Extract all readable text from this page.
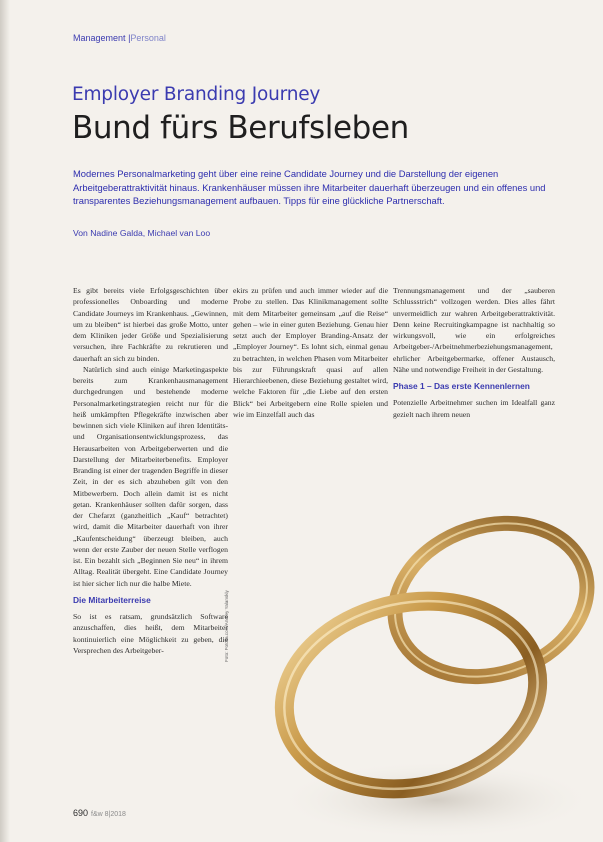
Management |Personal
Employer Branding Journey
Bund fürs Berufsleben
Modernes Personalmarketing geht über eine reine Candidate Journey und die Darstellung der eigenen Arbeitgeberattraktivität hinaus. Krankenhäuser müssen ihre Mitarbeiter dauerhaft überzeugen und ein offenes und transparentes Beziehungsmanagement aufbauen. Tipps für eine glückliche Partnerschaft.
Von Nadine Galda, Michael van Loo

Es gibt bereits viele Erfolgsgeschichten über professionelles Onboarding und moderne Candidate Journeys im Krankenhaus. „Gewinnen, um zu bleiben“ ist hierbei das große Motto, unter dem Kliniken jeder Größe und Spezialisierung versuchen, ihre Fachkräfte zu rekrutieren und dauerhaft an sich zu binden.

Natürlich sind auch einige Marketingaspekte bereits zum Krankenhausmanagement durchgedrungen und bestehende moderne Personalmarketingstrategien reicht nur für die heiß umkämpften Pflegekräfte inzwischen aber bewinnen sich viele Kliniken auf ihren Identitäts- und Organisationsentwicklungsprozess, das Herausarbeiten von Arbeitgeberwerten und die Darstellung der Mitarbeiterbenefits. Employer Branding ist einer der tragenden Begriffe in dieser Zeit, in der es sich abzuheben gilt von den Mitbewerbern. Doch allein damit ist es nicht getan. Krankenhäuser sollten dafür sorgen, dass der Chefarzt (ganzheitlich „Kauf“ betrachtet) wird, damit die Mitarbeiter dauerhaft von ihrer „Kaufentscheidung“ überzeugt bleiben, auch wenn der erste Zauber der neuen Stelle verflogen ist. Ein bezahlt sich „Beginnen Sie neu“ in ihrem Alltag. Realität übergeht. Eine Candidate Journey ist hier sicher lich nur die halbe Miete.

Die Mitarbeiterreise

So ist es ratsam, grundsätzlich Software anzuschaffen, dies heißt, dem Mitarbeiter kontinuierlich eine Möglichkeit zu geben, die Versprechen des Arbeitgeber-

ekirs zu prüfen und auch immer wieder auf die Probe zu stellen. Das Klinikmanagement sollte mit dem Mitarbeiter gemeinsam „auf die Reise“ gehen – wie in einer guten Beziehung. Genau hier setzt auch der Employer Branding-Ansatz der „Employer Journey“. Es lohnt sich, einmal genau zu betrachten, in welchen Phasen vom Mitarbeiter bis zur Führungskraft quasi auf allen Hierarchieebenen, diese Beziehung gestaltet wird, welche Faktoren für „die Liebe auf den ersten Blick“ bei Arbeitgebern eine Rolle spielen und wie im Einzelfall auch das

Trennungsmanagement und der „sauberen Schlussstrich“ vollzogen werden. Dies alles fährt unvermeidlich zur wahren Arbeitgeberattraktivität. Denn keine Recruitingkampagne ist nachhaltig so wirkungsvoll, wie ein erfolgreiches Arbeitgeber-/Arbeitnehmerbeziehungsmanagement, ehrlicher Arbeitgebermarke, offener Austausch, Nähe und notwendige Freiheit in der Gestaltung.

Phase 1 – Das erste Kennenlernen

Potenzielle Arbeitnehmer suchen im Idealfall ganz gezielt nach ihrem neuen

Foto: Fotolia.com/Andrey Yalanskiy
690 f&w 8|2018
